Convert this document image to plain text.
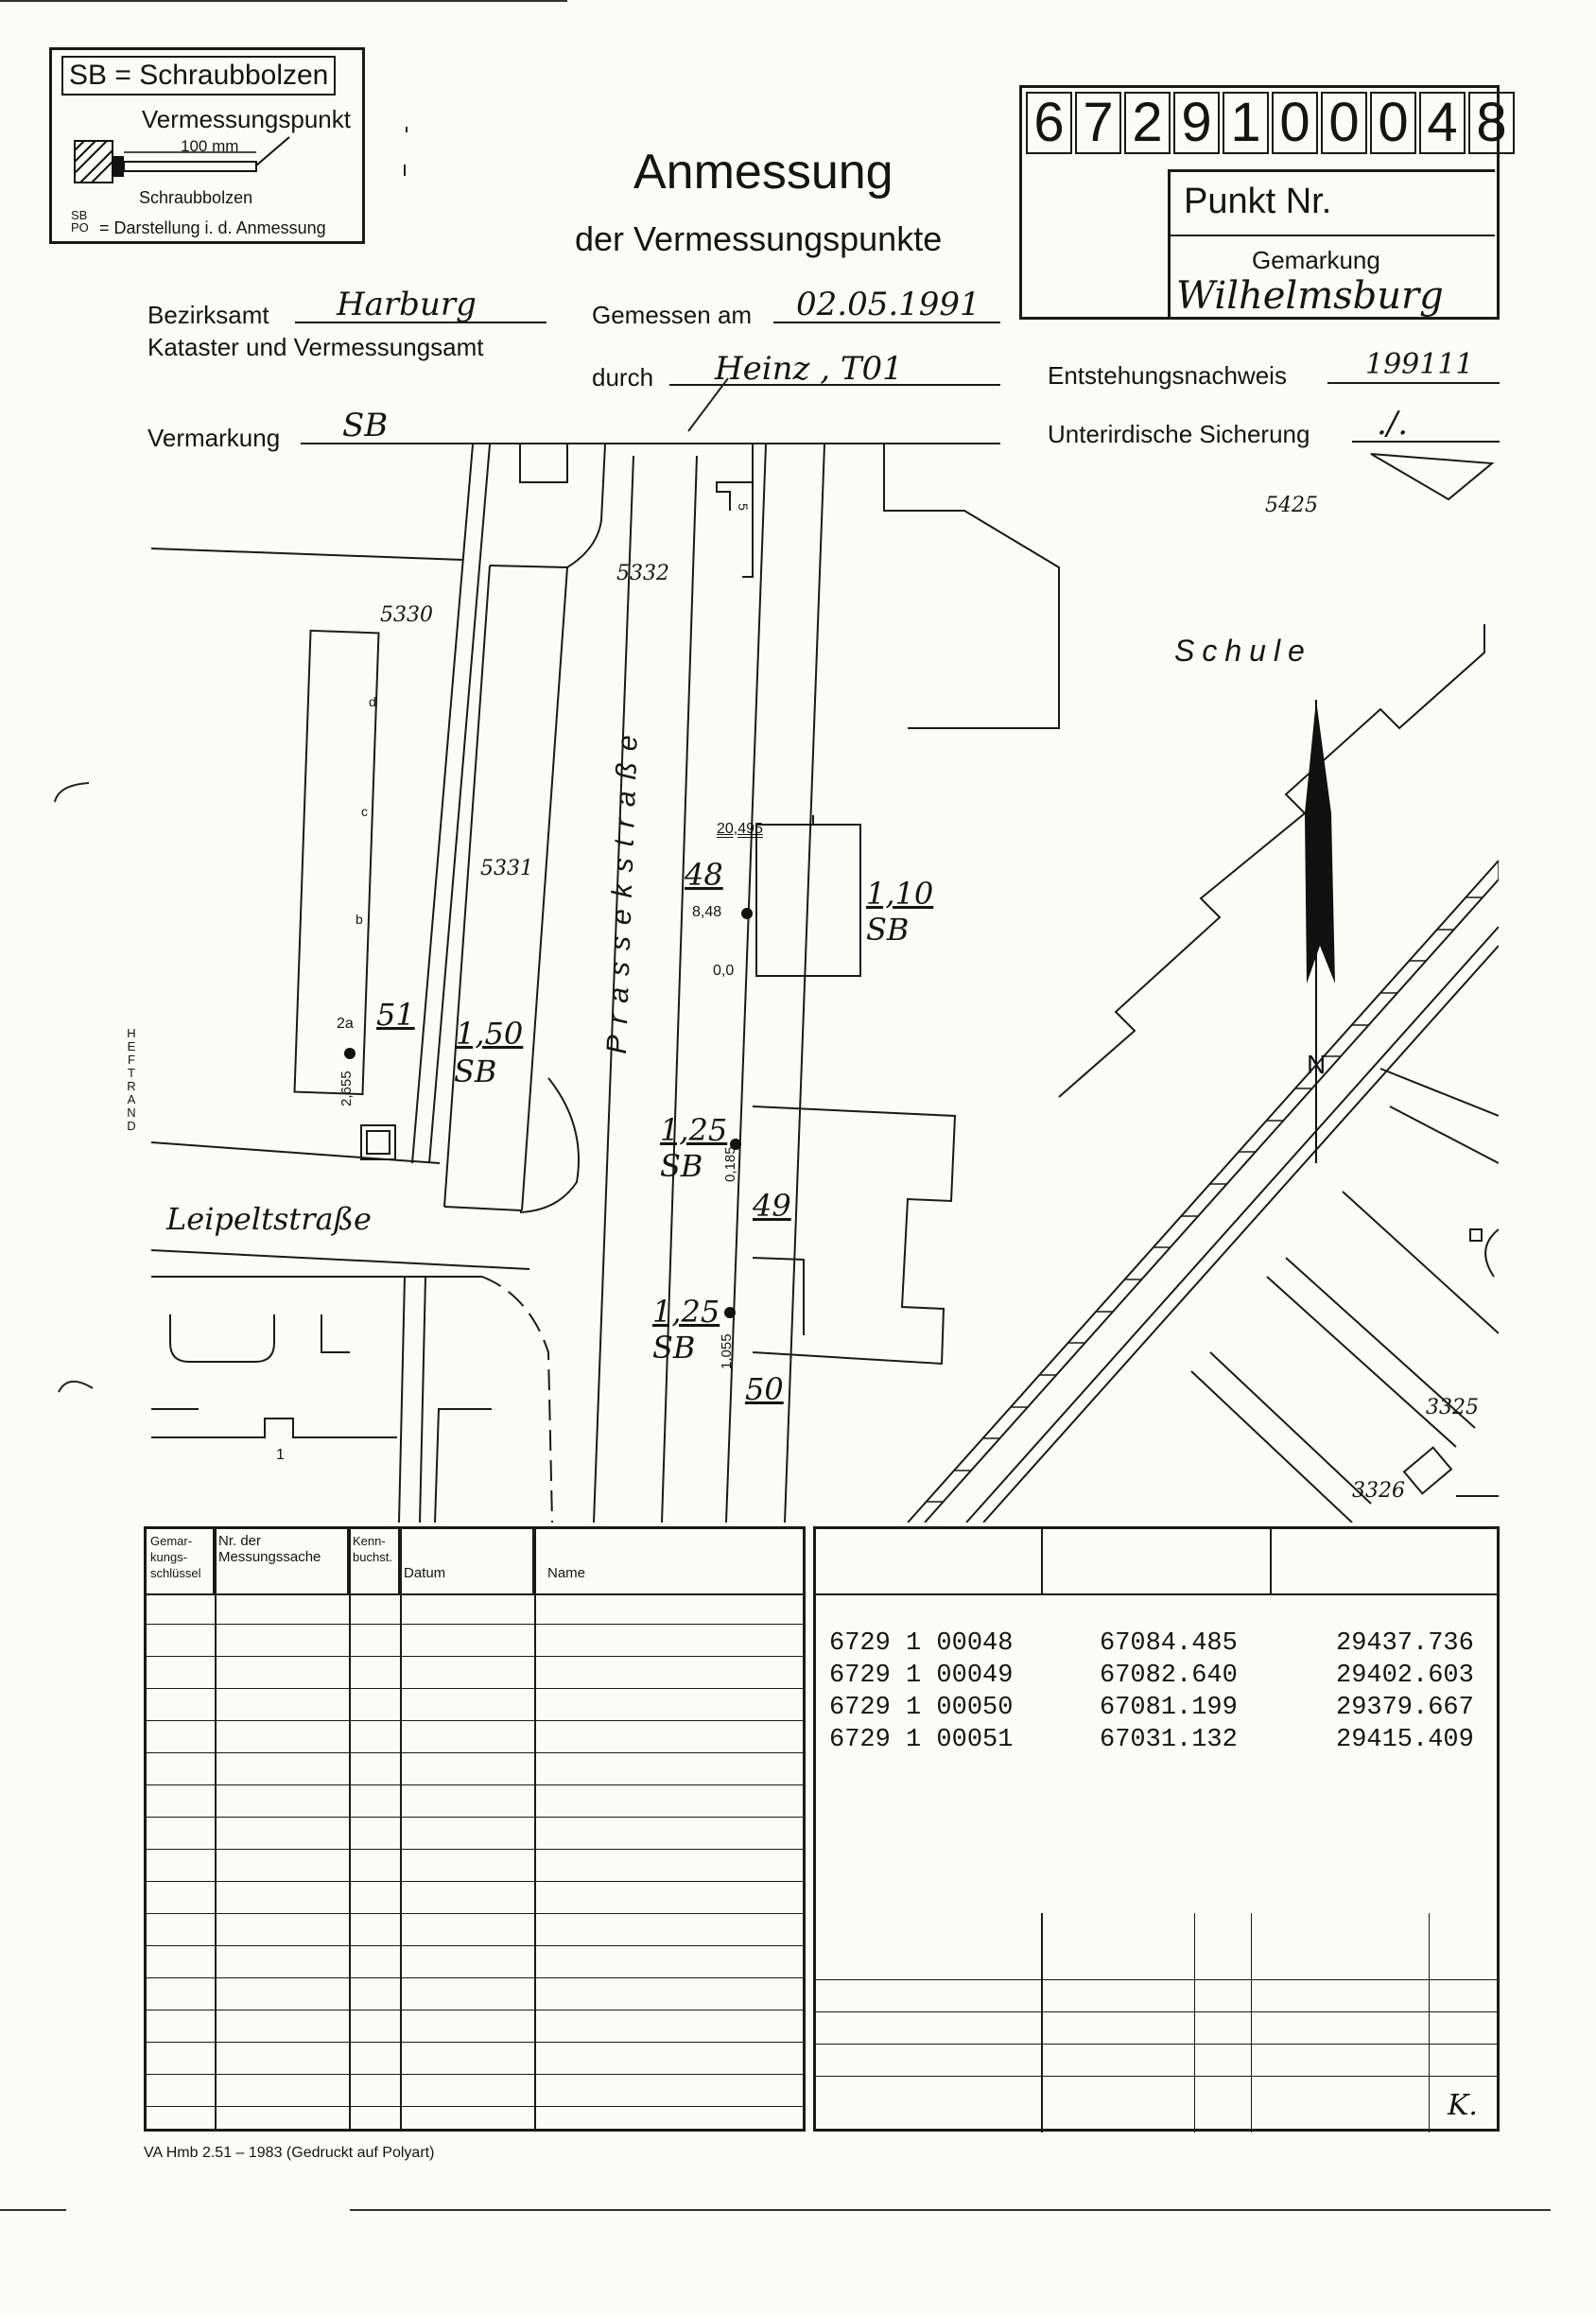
SB = Schraubbolzen
Vermessungspunkt
100 mm
Schraubbolzen
SB
PO = Darstellung i. d. Anmessung
Anmessung
der Vermessungspunkte
6 7 2 9 1 0 0 0 4 8
Punkt Nr.
Gemarkung
Wilhelmsburg
Bezirksamt Harburg
Kataster und Vermessungsamt
Gemessen am 02.05.1991
durch Heinz , T01	Entstehungsnachweis	199111
Vermarkung SB	Unterirdische Sicherung ./.
5425
5332
5330
5331
3325
3326
Schule
Prassekstraße
Leipeltstraße
5
1
2a
d
c
b
HEFTRAND
N
48
8,48
20,495
0,0
1,10
SB
49
0,185
1,25
SB
50
1,055
1,25
SB
51
2,655
1,50
SB
Gemar-kungs-schlüssel
Nr. der Messungssache
Kenn-buchst.
Datum	Name
6729 1 00048	67084.485	29437.736
6729 1 00049	67082.640	29402.603
6729 1 00050	67081.199	29379.667
6729 1 00051	67031.132	29415.409
K.
VA Hmb 2.51 – 1983 (Gedruckt auf Polyart)
